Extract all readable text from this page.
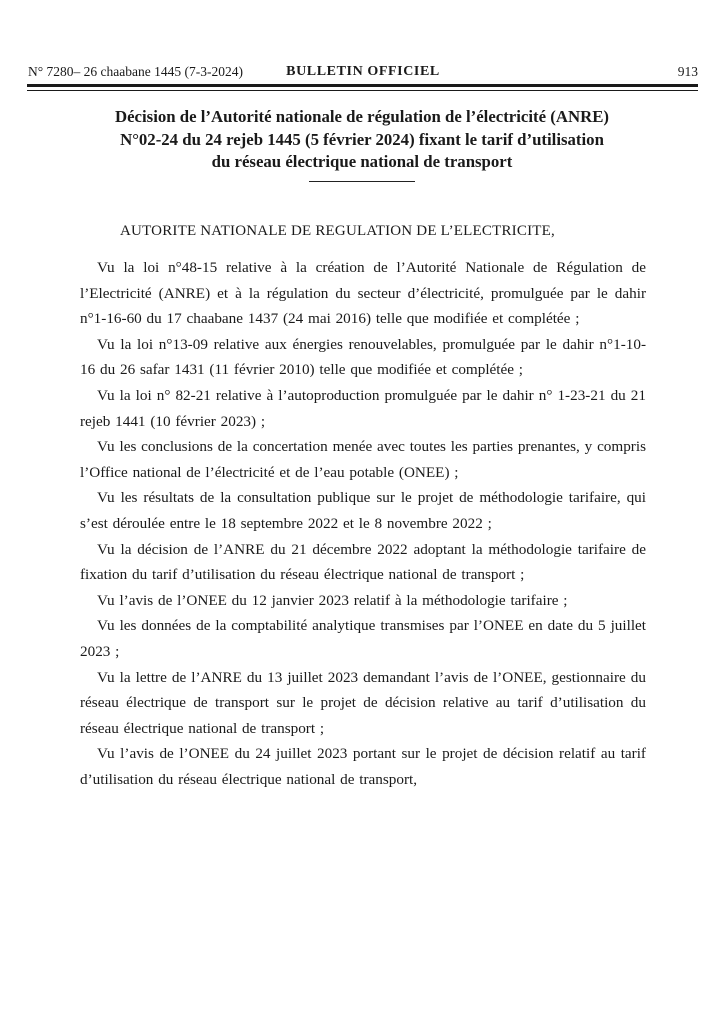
N° 7280– 26 chaabane 1445 (7-3-2024)	BULLETIN OFFICIEL	913
Décision de l’Autorité nationale de régulation de l’électricité (ANRE)
N°02-24 du 24 rejeb 1445 (5 février 2024) fixant le tarif d’utilisation
du réseau électrique national de transport

AUTORITE NATIONALE DE REGULATION DE L’ELECTRICITE,

Vu la loi n°48-15 relative à la création de l’Autorité Nationale de Régulation de l’Electricité (ANRE) et à la régulation du secteur d’électricité, promulguée par le dahir n°1-16-60 du 17 chaabane 1437 (24 mai 2016) telle que modifiée et complétée ;

Vu la loi n°13-09 relative aux énergies renouvelables, promulguée par le dahir n°1-10-16 du 26 safar 1431 (11 février 2010) telle que modifiée et complétée ;

Vu la loi n° 82-21 relative à l’autoproduction promulguée par le dahir n° 1-23-21 du 21 rejeb 1441 (10 février 2023) ;

Vu les conclusions de la concertation menée avec toutes les parties prenantes, y compris l’Office national de l’électricité et de l’eau potable (ONEE) ;

Vu les résultats de la consultation publique sur le projet de méthodologie tarifaire, qui s’est déroulée entre le 18 septembre 2022 et le 8 novembre 2022 ;

Vu la décision de l’ANRE du 21 décembre 2022 adoptant la méthodologie tarifaire de fixation du tarif d’utilisation du réseau électrique national de transport ;

Vu l’avis de l’ONEE du 12 janvier 2023 relatif à la méthodologie tarifaire ;

Vu les données de la comptabilité analytique transmises par l’ONEE en date du 5 juillet 2023 ;

Vu la lettre de l’ANRE du 13 juillet 2023 demandant l’avis de l’ONEE, gestionnaire du réseau électrique de transport sur le projet de décision relative au tarif d’utilisation du réseau électrique national de transport ;

Vu l’avis de l’ONEE du 24 juillet 2023 portant sur le projet de décision relatif au tarif d’utilisation du réseau électrique national de transport,
